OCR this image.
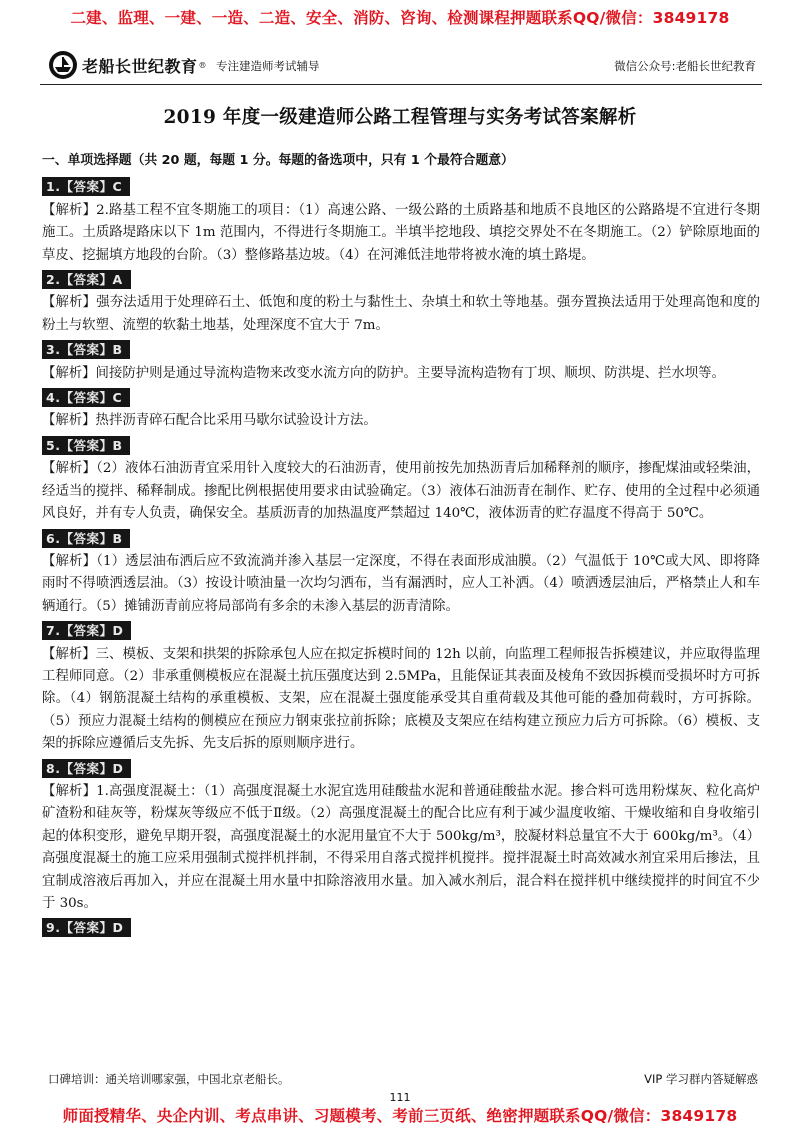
二建、监理、一建、一造、二造、安全、消防、咨询、检测课程押题联系QQ/微信：3849178
老船长世纪教育 ® 专注建造师考试辅导	微信公众号:老船长世纪教育
2019 年度一级建造师公路工程管理与实务考试答案解析
一、单项选择题（共 20 题，每题 1 分。每题的备选项中，只有 1 个最符合题意）
1.【答案】C
【解析】2.路基工程不宜冬期施工的项目：（1）高速公路、一级公路的土质路基和地质不良地区的公路路堤不宜进行冬期施工。土质路堤路床以下 1m 范围内，不得进行冬期施工。半填半挖地段、填挖交界处不在冬期施工。（2）铲除原地面的草皮、挖掘填方地段的台阶。（3）整修路基边坡。（4）在河滩低洼地带将被水淹的填土路堤。
2.【答案】A
【解析】强夯法适用于处理碎石土、低饱和度的粉土与黏性土、杂填土和软土等地基。强夯置换法适用于处理高饱和度的粉土与软塑、流塑的软黏土地基，处理深度不宜大于 7m。
3.【答案】B
【解析】间接防护则是通过导流构造物来改变水流方向的防护。主要导流构造物有丁坝、顺坝、防洪堤、拦水坝等。
4.【答案】C
【解析】热拌沥青碎石配合比采用马歇尔试验设计方法。
5.【答案】B
【解析】（2）液体石油沥青宜采用针入度较大的石油沥青，使用前按先加热沥青后加稀释剂的顺序，掺配煤油或轻柴油，经适当的搅拌、稀释制成。掺配比例根据使用要求由试验确定。（3）液体石油沥青在制作、贮存、使用的全过程中必须通风良好，并有专人负责，确保安全。基质沥青的加热温度严禁超过 140℃，液体沥青的贮存温度不得高于 50℃。
6.【答案】B
【解析】（1）透层油布洒后应不致流淌并渗入基层一定深度，不得在表面形成油膜。（2）气温低于 10℃或大风、即将降雨时不得喷洒透层油。（3）按设计喷油量一次均匀洒布，当有漏洒时，应人工补洒。（4）喷洒透层油后，严格禁止人和车辆通行。（5）摊铺沥青前应将局部尚有多余的未渗入基层的沥青清除。
7.【答案】D
【解析】三、模板、支架和拱架的拆除承包人应在拟定拆模时间的 12h 以前，向监理工程师报告拆模建议，并应取得监理工程师同意。（2）非承重侧模板应在混凝土抗压强度达到 2.5MPa，且能保证其表面及棱角不致因拆模而受损坏时方可拆除。（4）钢筋混凝土结构的承重模板、支架，应在混凝土强度能承受其自重荷载及其他可能的叠加荷载时，方可拆除。（5）预应力混凝土结构的侧模应在预应力钢束张拉前拆除；底模及支架应在结构建立预应力后方可拆除。（6）模板、支架的拆除应遵循后支先拆、先支后拆的原则顺序进行。
8.【答案】D
【解析】1.高强度混凝土：（1）高强度混凝土水泥宜选用硅酸盐水泥和普通硅酸盐水泥。掺合料可选用粉煤灰、粒化高炉矿渣粉和硅灰等，粉煤灰等级应不低于Ⅱ级。（2）高强度混凝土的配合比应有利于减少温度收缩、干燥收缩和自身收缩引起的体积变形，避免早期开裂，高强度混凝土的水泥用量宜不大于 500kg/m³，胶凝材料总量宜不大于 600kg/m³。（4）高强度混凝土的施工应采用强制式搅拌机拌制，不得采用自落式搅拌机搅拌。搅拌混凝土时高效减水剂宜采用后掺法，且宜制成溶液后再加入，并应在混凝土用水量中扣除溶液用水量。加入减水剂后，混合料在搅拌机中继续搅拌的时间宜不少于 30s。
9.【答案】D
口碑培训：通关培训哪家强，中国北京老船长。	VIP 学习群内答疑解惑
111
师面授精华、央企内训、考点串讲、习题模考、考前三页纸、绝密押题联系QQ/微信：3849178
